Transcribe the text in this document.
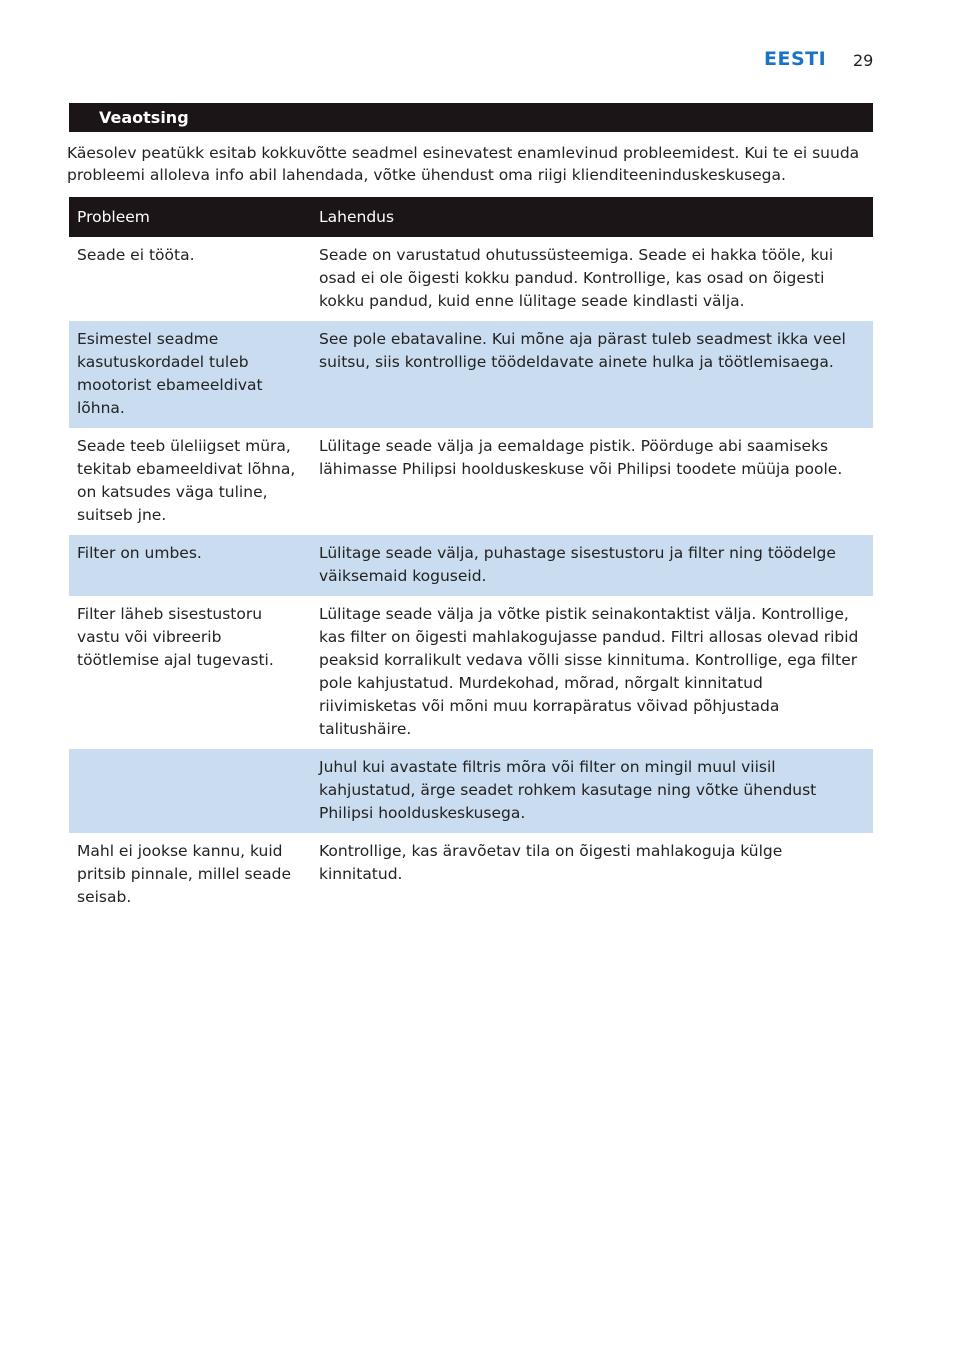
EESTI 29
Veaotsing

Käesolev peatükk esitab kokkuvõtte seadmel esinevatest enamlevinud probleemidest. Kui te ei suuda probleemi alloleva info abil lahendada, võtke ühendust oma riigi klienditeeninduskeskusega.

Probleem	Lahendus
Seade ei tööta.	Seade on varustatud ohutussüsteemiga. Seade ei hakka tööle, kui osad ei ole õigesti kokku pandud. Kontrollige, kas osad on õigesti kokku pandud, kuid enne lülitage seade kindlasti välja.
Esimestel seadme kasutuskordadel tuleb mootorist ebameeldivat lõhna.	See pole ebatavaline. Kui mõne aja pärast tuleb seadmest ikka veel suitsu, siis kontrollige töödeldavate ainete hulka ja töötlemisaega.
Seade teeb üleliigset müra, tekitab ebameeldivat lõhna, on katsudes väga tuline, suitseb jne.	Lülitage seade välja ja eemaldage pistik. Pöörduge abi saamiseks lähimasse Philipsi hoolduskeskuse või Philipsi toodete müüja poole.
Filter on umbes.	Lülitage seade välja, puhastage sisestustoru ja filter ning töödelge väiksemaid koguseid.
Filter läheb sisestustoru vastu või vibreerib töötlemise ajal tugevasti.	Lülitage seade välja ja võtke pistik seinakontaktist välja. Kontrollige, kas filter on õigesti mahlakogujasse pandud. Filtri allosas olevad ribid peaksid korralikult vedava võlli sisse kinnituma. Kontrollige, ega filter pole kahjustatud. Murdekohad, mõrad, nõrgalt kinnitatud riivimisketas või mõni muu korrapäratus võivad põhjustada talitushäire.
	Juhul kui avastate filtris mõra või filter on mingil muul viisil kahjustatud, ärge seadet rohkem kasutage ning võtke ühendust Philipsi hoolduskeskusega.
Mahl ei jookse kannu, kuid pritsib pinnale, millel seade seisab.	Kontrollige, kas äravõetav tila on õigesti mahlakoguja külge kinnitatud.
